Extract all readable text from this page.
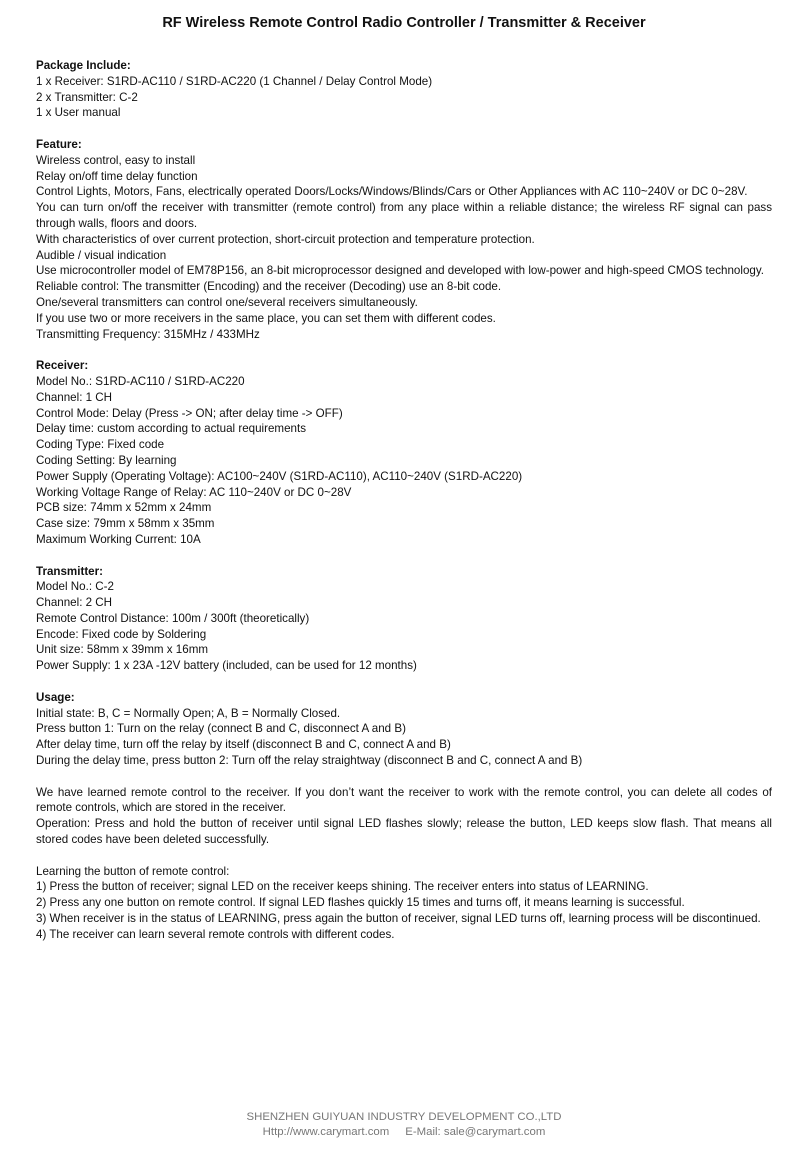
RF Wireless Remote Control Radio Controller / Transmitter & Receiver
Package Include:
1 x Receiver: S1RD-AC110 / S1RD-AC220 (1 Channel / Delay Control Mode)
2 x Transmitter: C-2
1 x User manual
Feature:
Wireless control, easy to install
Relay on/off time delay function
Control Lights, Motors, Fans, electrically operated Doors/Locks/Windows/Blinds/Cars or Other Appliances with AC 110~240V or DC 0~28V.
You can turn on/off the receiver with transmitter (remote control) from any place within a reliable distance; the wireless RF signal can pass through walls, floors and doors.
With characteristics of over current protection, short-circuit protection and temperature protection.
Audible / visual indication
Use microcontroller model of EM78P156, an 8-bit microprocessor designed and developed with low-power and high-speed CMOS technology.
Reliable control: The transmitter (Encoding) and the receiver (Decoding) use an 8-bit code.
One/several transmitters can control one/several receivers simultaneously.
If you use two or more receivers in the same place, you can set them with different codes.
Transmitting Frequency: 315MHz / 433MHz
Receiver:
Model No.: S1RD-AC110 / S1RD-AC220
Channel: 1 CH
Control Mode: Delay (Press -> ON; after delay time -> OFF)
Delay time: custom according to actual requirements
Coding Type: Fixed code
Coding Setting: By learning
Power Supply (Operating Voltage): AC100~240V (S1RD-AC110), AC110~240V (S1RD-AC220)
Working Voltage Range of Relay: AC 110~240V or DC 0~28V
PCB size: 74mm x 52mm x 24mm
Case size: 79mm x 58mm x 35mm
Maximum Working Current: 10A
Transmitter:
Model No.: C-2
Channel: 2 CH
Remote Control Distance: 100m / 300ft (theoretically)
Encode: Fixed code by Soldering
Unit size: 58mm x 39mm x 16mm
Power Supply: 1 x 23A -12V battery (included, can be used for 12 months)
Usage:
Initial state: B, C = Normally Open; A, B = Normally Closed.
Press button 1: Turn on the relay (connect B and C, disconnect A and B)
After delay time, turn off the relay by itself (disconnect B and C, connect A and B)
During the delay time, press button 2: Turn off the relay straightway (disconnect B and C, connect A and B)
We have learned remote control to the receiver. If you don’t want the receiver to work with the remote control, you can delete all codes of remote controls, which are stored in the receiver.
Operation: Press and hold the button of receiver until signal LED flashes slowly; release the button, LED keeps slow flash. That means all stored codes have been deleted successfully.
Learning the button of remote control:
1) Press the button of receiver; signal LED on the receiver keeps shining. The receiver enters into status of LEARNING.
2) Press any one button on remote control. If signal LED flashes quickly 15 times and turns off, it means learning is successful.
3) When receiver is in the status of LEARNING, press again the button of receiver, signal LED turns off, learning process will be discontinued.
4) The receiver can learn several remote controls with different codes.
SHENZHEN GUIYUAN INDUSTRY DEVELOPMENT CO.,LTD
Http://www.carymart.com E-Mail: sale@carymart.com
